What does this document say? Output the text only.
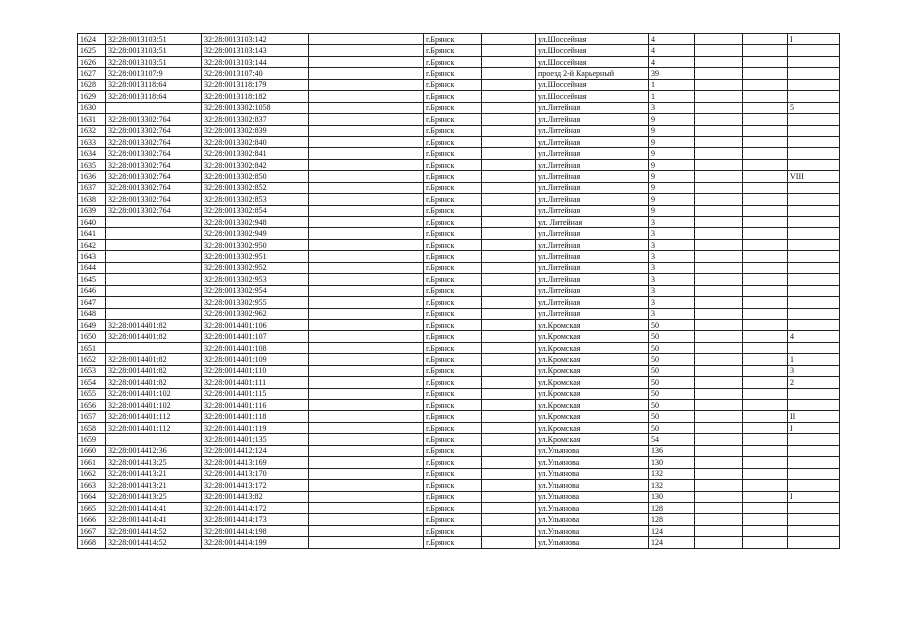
1624	32:28:0013103:51	32:28:0013103:142		г.Брянск		ул.Шоссейная	4			I
1625	32:28:0013103:51	32:28:0013103:143		г.Брянск		ул.Шоссейная	4			
1626	32:28:0013103:51	32:28:0013103:144		г.Брянск		ул.Шоссейная	4			
1627	32:28:0013107:9	32:28:0013107:40		г.Брянск		проезд 2-й Карьерный	39			
1628	32:28:0013118:64	32:28:0013118:179		г.Брянск		ул.Шоссейная	1			
1629	32:28:0013118:64	32:28:0013118:182		г.Брянск		ул.Шоссейная	1			
1630		32:28:0013302:1058		г.Брянск		ул.Литейная	3			5
1631	32:28:0013302:764	32:28:0013302:837		г.Брянск		ул.Литейная	9			
1632	32:28:0013302:764	32:28:0013302:839		г.Брянск		ул.Литейная	9			
1633	32:28:0013302:764	32:28:0013302:840		г.Брянск		ул.Литейная	9			
1634	32:28:0013302:764	32:28:0013302:841		г.Брянск		ул.Литейная	9			
1635	32:28:0013302:764	32:28:0013302:842		г.Брянск		ул.Литейная	9			
1636	32:28:0013302:764	32:28:0013302:850		г.Брянск		ул.Литейная	9			VIII
1637	32:28:0013302:764	32:28:0013302:852		г.Брянск		ул.Литейная	9			
1638	32:28:0013302:764	32:28:0013302:853		г.Брянск		ул.Литейная	9			
1639	32:28:0013302:764	32:28:0013302:854		г.Брянск		ул.Литейная	9			
1640		32:28:0013302:948		г.Брянск		ул. Литейная	3			
1641		32:28:0013302:949		г.Брянск		ул.Литейная	3			
1642		32:28:0013302:950		г.Брянск		ул.Литейная	3			
1643		32:28:0013302:951		г.Брянск		ул.Литейная	3			
1644		32:28:0013302:952		г.Брянск		ул.Литейная	3			
1645		32:28:0013302:953		г.Брянск		ул.Литейная	3			
1646		32:28:0013302:954		г.Брянск		ул.Литейная	3			
1647		32:28:0013302:955		г.Брянск		ул.Литейная	3			
1648		32:28:0013302:962		г.Брянск		ул.Литейная	3			
1649	32:28:0014401:82	32:28:0014401:106		г.Брянск		ул.Кромская	50			
1650	32:28:0014401:82	32:28:0014401:107		г.Брянск		ул.Кромская	50			4
1651		32:28:0014401:108		г.Брянск		ул.Кромская	50			
1652	32:28:0014401:82	32:28:0014401:109		г.Брянск		ул.Кромская	50			1
1653	32:28:0014401:82	32:28:0014401:110		г.Брянск		ул.Кромская	50			3
1654	32:28:0014401:82	32:28:0014401:111		г.Брянск		ул.Кромская	50			2
1655	32:28:0014401:102	32:28:0014401:115		г.Брянск		ул.Кромская	50			
1656	32:28:0014401:102	32:28:0014401:116		г.Брянск		ул.Кромская	50			
1657	32:28:0014401:112	32:28:0014401:118		г.Брянск		ул.Кромская	50			II
1658	32:28:0014401:112	32:28:0014401:119		г.Брянск		ул.Кромская	50			I
1659		32:28:0014401:135		г.Брянск		ул.Кромская	54			
1660	32:28:0014412:36	32:28:0014412:124		г.Брянск		ул.Ульянова	136			
1661	32:28:0014413:25	32:28:0014413:169		г.Брянск		ул.Ульянова	130			
1662	32:28:0014413:21	32:28:0014413:170		г.Брянск		ул.Ульянова	132			
1663	32:28:0014413:21	32:28:0014413:172		г.Брянск		ул.Ульянова	132			
1664	32:28:0014413:25	32:28:0014413:82		г.Брянск		ул.Ульянова	130			I
1665	32:28:0014414:41	32:28:0014414:172		г.Брянск		ул.Ульянова	128			
1666	32:28:0014414:41	32:28:0014414:173		г.Брянск		ул.Ульянова	128			
1667	32:28:0014414:52	32:28:0014414:198		г.Брянск		ул.Ульянова	124			
1668	32:28:0014414:52	32:28:0014414:199		г.Брянск		ул.Ульянова	124			
